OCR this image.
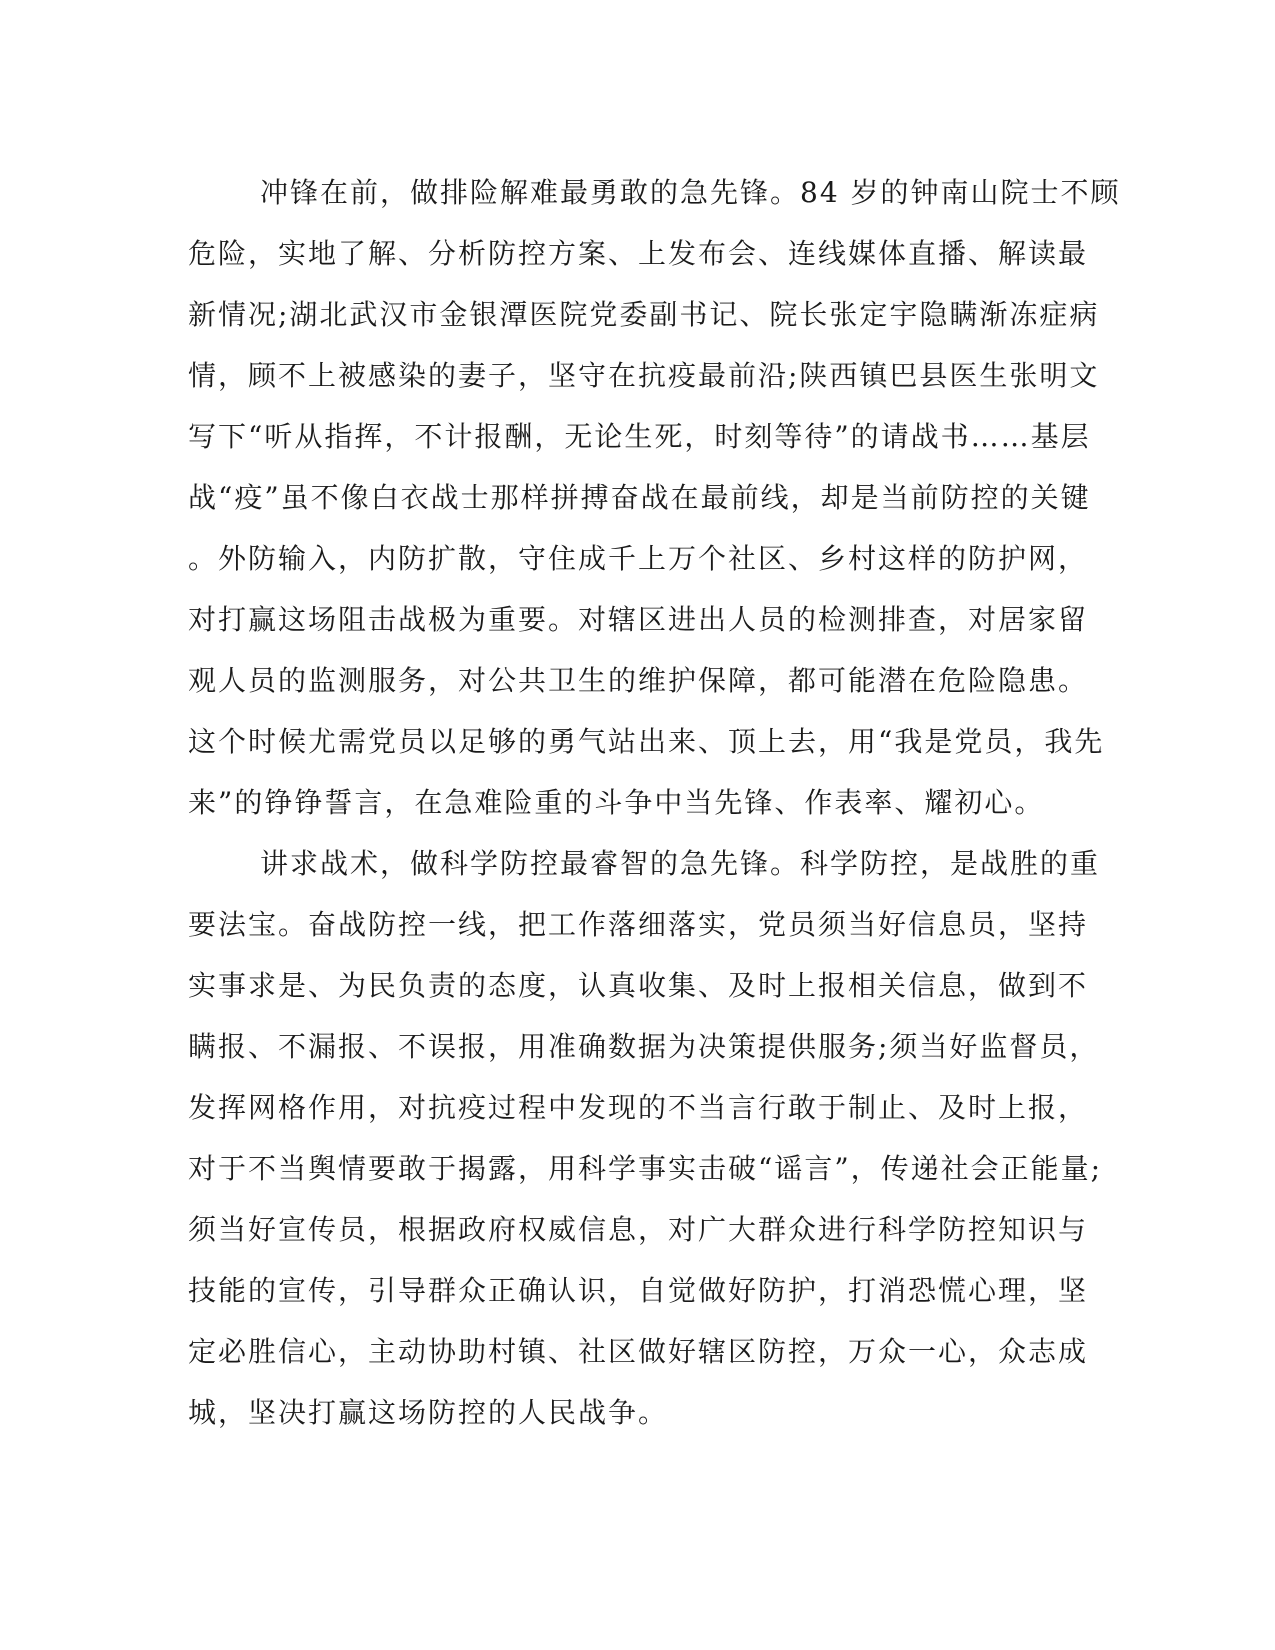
冲锋在前，做排险解难最勇敢的急先锋。84 岁的钟南山院士不顾
危险，实地了解、分析防控方案、上发布会、连线媒体直播、解读最
新情况;湖北武汉市金银潭医院党委副书记、院长张定宇隐瞒渐冻症病
情，顾不上被感染的妻子，坚守在抗疫最前沿;陕西镇巴县医生张明文
写下“听从指挥，不计报酬，无论生死，时刻等待”的请战书……基层
战“疫”虽不像白衣战士那样拼搏奋战在最前线，却是当前防控的关键
。外防输入，内防扩散，守住成千上万个社区、乡村这样的防护网，
对打赢这场阻击战极为重要。对辖区进出人员的检测排查，对居家留
观人员的监测服务，对公共卫生的维护保障，都可能潜在危险隐患。
这个时候尤需党员以足够的勇气站出来、顶上去，用“我是党员，我先
来”的铮铮誓言，在急难险重的斗争中当先锋、作表率、耀初心。
讲求战术，做科学防控最睿智的急先锋。科学防控，是战胜的重
要法宝。奋战防控一线，把工作落细落实，党员须当好信息员，坚持
实事求是、为民负责的态度，认真收集、及时上报相关信息，做到不
瞒报、不漏报、不误报，用准确数据为决策提供服务;须当好监督员，
发挥网格作用，对抗疫过程中发现的不当言行敢于制止、及时上报，
对于不当舆情要敢于揭露，用科学事实击破“谣言”，传递社会正能量;
须当好宣传员，根据政府权威信息，对广大群众进行科学防控知识与
技能的宣传，引导群众正确认识，自觉做好防护，打消恐慌心理，坚
定必胜信心，主动协助村镇、社区做好辖区防控，万众一心，众志成
城，坚决打赢这场防控的人民战争。
